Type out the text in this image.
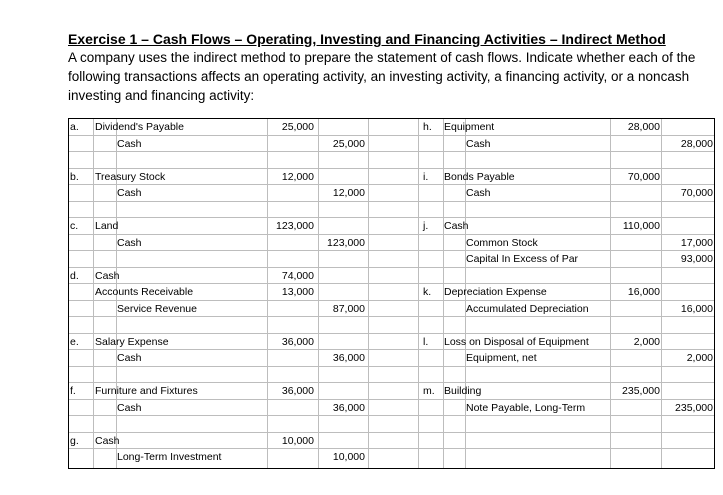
Exercise 1 – Cash Flows – Operating, Investing and Financing Activities – Indirect Method
A company uses the indirect method to prepare the statement of cash flows. Indicate whether each of the following transactions affects an operating activity, an investing activity, a financing activity, or a noncash investing and financing activity:
a. Dividend's Payable	25,000
Cash	25,000
b. Treasury Stock	12,000
Cash	12,000
c. Land	123,000
Cash	123,000
d. Cash	74,000
Accounts Receivable	13,000
Service Revenue	87,000
e. Salary Expense	36,000
Cash	36,000
f. Furniture and Fixtures	36,000
Cash	36,000
g. Cash	10,000
Long-Term Investment	10,000
h. Equipment	28,000
Cash	28,000
i. Bonds Payable	70,000
Cash	70,000
j. Cash	110,000
Common Stock	17,000
Capital In Excess of Par	93,000
k. Depreciation Expense	16,000
Accumulated Depreciation	16,000
l. Loss on Disposal of Equipment	2,000
Equipment, net	2,000
m. Building	235,000
Note Payable, Long-Term	235,000
